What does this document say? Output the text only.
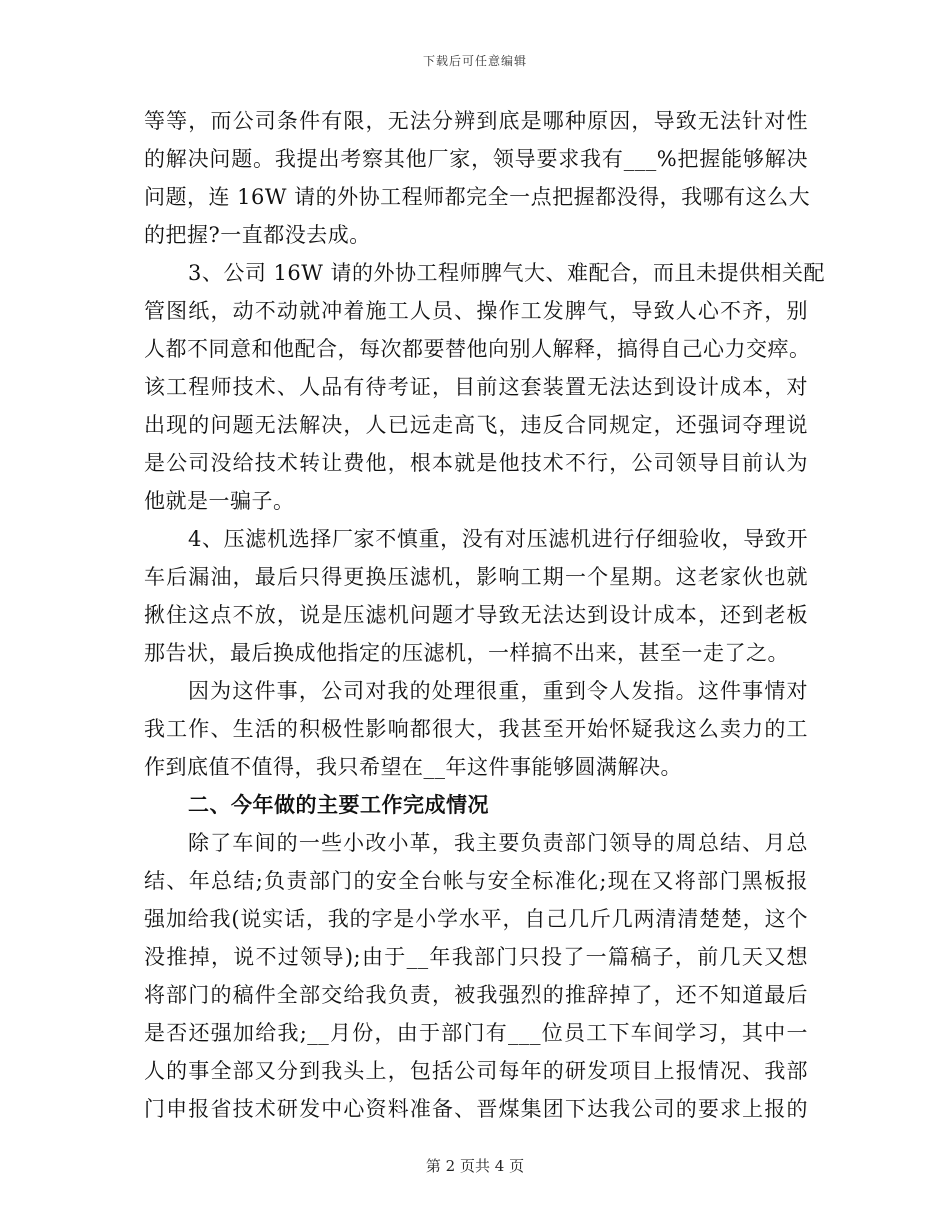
下载后可任意编辑
等等，而公司条件有限，无法分辨到底是哪种原因，导致无法针对性
的解决问题。我提出考察其他厂家，领导要求我有___%把握能够解决
问题，连 16W 请的外协工程师都完全一点把握都没得，我哪有这么大
的把握?一直都没去成。
3、公司 16W 请的外协工程师脾气大、难配合，而且未提供相关配
管图纸，动不动就冲着施工人员、操作工发脾气，导致人心不齐，别
人都不同意和他配合，每次都要替他向别人解释，搞得自己心力交瘁。
该工程师技术、人品有待考证，目前这套装置无法达到设计成本，对
出现的问题无法解决，人已远走高飞，违反合同规定，还强词夺理说
是公司没给技术转让费他，根本就是他技术不行，公司领导目前认为
他就是一骗子。
4、压滤机选择厂家不慎重，没有对压滤机进行仔细验收，导致开
车后漏油，最后只得更换压滤机，影响工期一个星期。这老家伙也就
揪住这点不放，说是压滤机问题才导致无法达到设计成本，还到老板
那告状，最后换成他指定的压滤机，一样搞不出来，甚至一走了之。
因为这件事，公司对我的处理很重，重到令人发指。这件事情对
我工作、生活的积极性影响都很大，我甚至开始怀疑我这么卖力的工
作到底值不值得，我只希望在__年这件事能够圆满解决。
二、今年做的主要工作完成情况
除了车间的一些小改小革，我主要负责部门领导的周总结、月总
结、年总结;负责部门的安全台帐与安全标准化;现在又将部门黑板报
强加给我(说实话，我的字是小学水平，自己几斤几两清清楚楚，这个
没推掉，说不过领导);由于__年我部门只投了一篇稿子，前几天又想
将部门的稿件全部交给我负责，被我强烈的推辞掉了，还不知道最后
是否还强加给我;__月份，由于部门有___位员工下车间学习，其中一
人的事全部又分到我头上，包括公司每年的研发项目上报情况、我部
门申报省技术研发中心资料准备、晋煤集团下达我公司的要求上报的
第 2 页共 4 页
